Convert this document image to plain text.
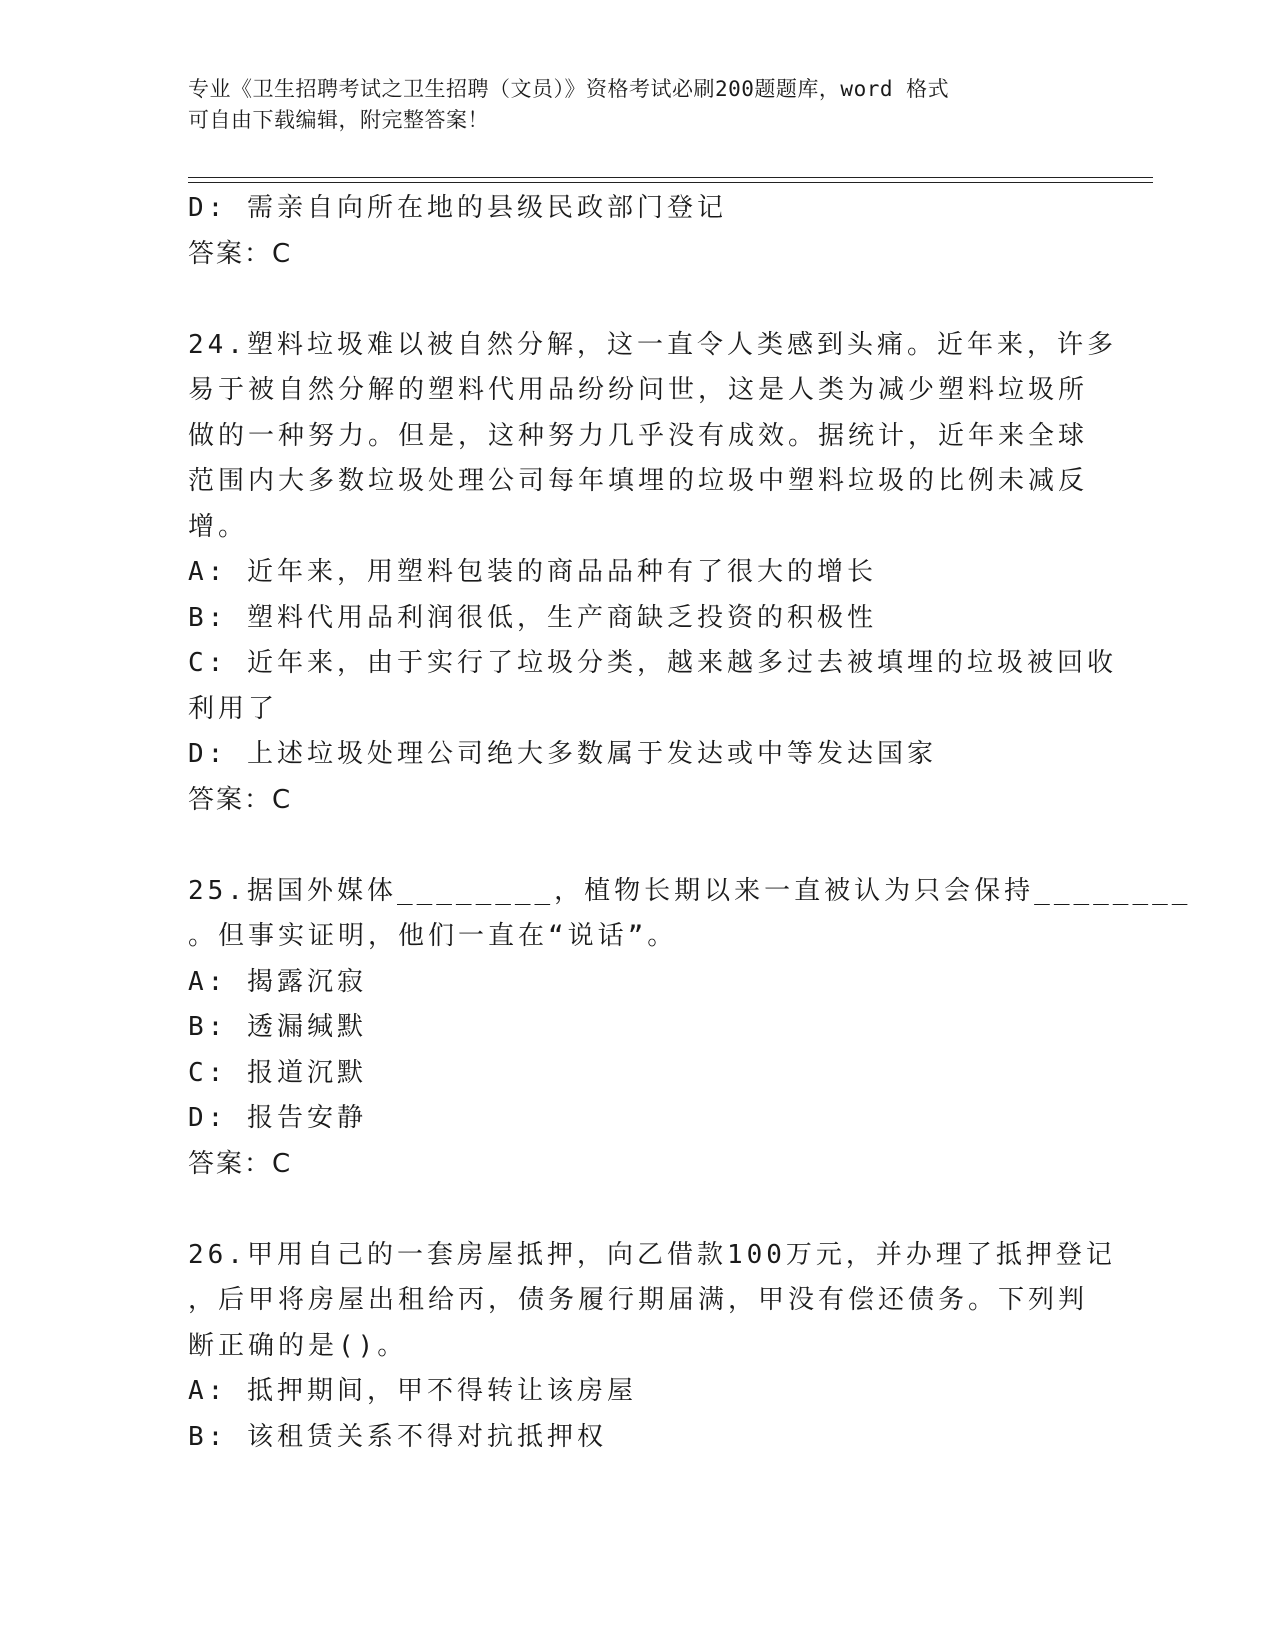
专业《卫生招聘考试之卫生招聘（文员）》资格考试必刷200题题库，word 格式
可自由下载编辑，附完整答案！
D: 需亲自向所在地的县级民政部门登记
答案：C
24.塑料垃圾难以被自然分解，这一直令人类感到头痛。近年来，许多
易于被自然分解的塑料代用品纷纷问世，这是人类为减少塑料垃圾所
做的一种努力。但是，这种努力几乎没有成效。据统计，近年来全球
范围内大多数垃圾处理公司每年填埋的垃圾中塑料垃圾的比例未减反
增。
A: 近年来，用塑料包装的商品品种有了很大的增长
B: 塑料代用品利润很低，生产商缺乏投资的积极性
C: 近年来，由于实行了垃圾分类，越来越多过去被填埋的垃圾被回收
利用了
D: 上述垃圾处理公司绝大多数属于发达或中等发达国家
答案：C
25.据国外媒体________，植物长期以来一直被认为只会保持________
。但事实证明，他们一直在“说话”。
A: 揭露沉寂
B: 透漏缄默
C: 报道沉默
D: 报告安静
答案：C
26.甲用自己的一套房屋抵押，向乙借款100万元，并办理了抵押登记
，后甲将房屋出租给丙，债务履行期届满，甲没有偿还债务。下列判
断正确的是()。
A: 抵押期间，甲不得转让该房屋
B: 该租赁关系不得对抗抵押权
